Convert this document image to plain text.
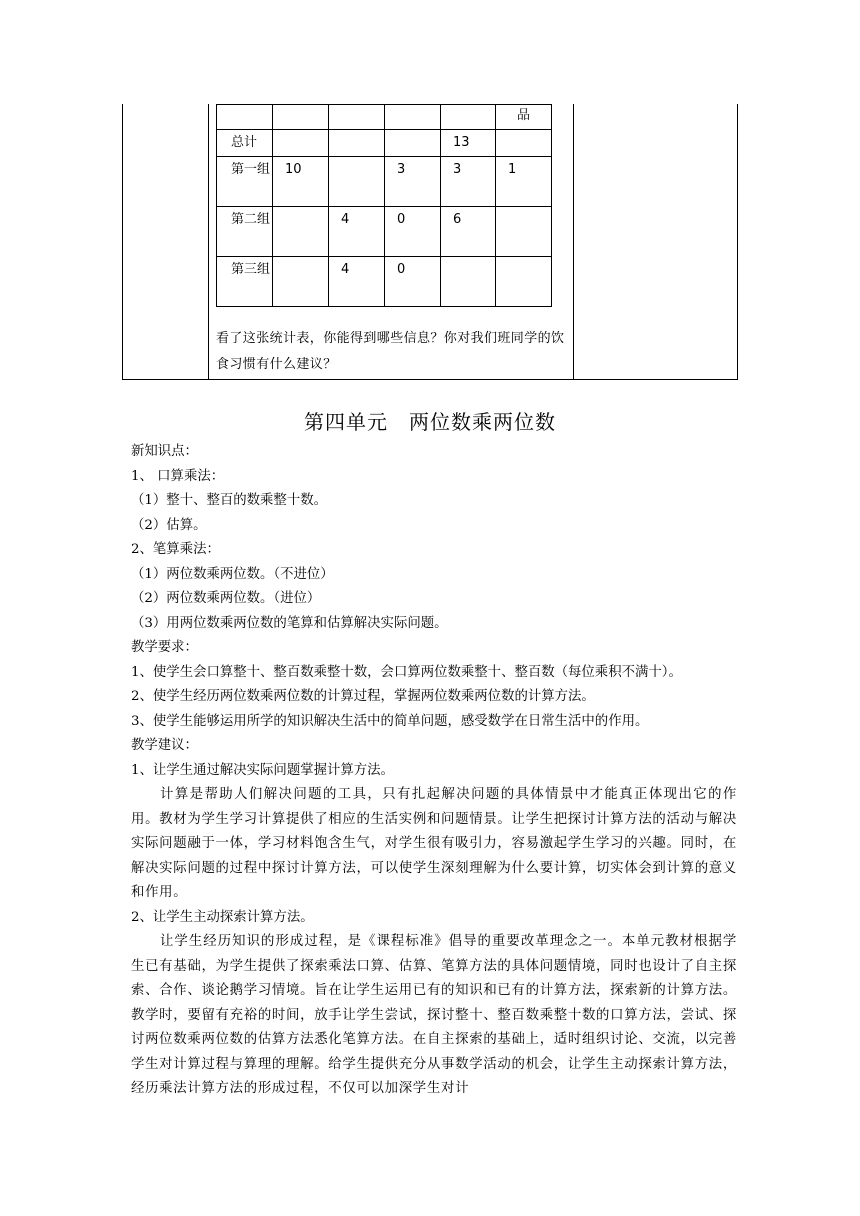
					品

总计				13	
第一组	10		3	3	1
第二组		4	0	6	
第三组		4	0		
看了这张统计表，你能得到哪些信息？你对我们班同学的饮食习惯有什么建议？
第四单元　两位数乘两位数

新知识点：

1、 口算乘法：

（1）整十、整百的数乘整十数。

（2）估算。

2、笔算乘法：

（1）两位数乘两位数。（不进位）

（2）两位数乘两位数。（进位）

（3）用两位数乘两位数的笔算和估算解决实际问题。

教学要求：

1、使学生会口算整十、整百数乘整十数，会口算两位数乘整十、整百数（每位乘积不满十）。

2、使学生经历两位数乘两位数的计算过程，掌握两位数乘两位数的计算方法。

3、使学生能够运用所学的知识解决生活中的简单问题，感受数学在日常生活中的作用。

教学建议：

1、让学生通过解决实际问题掌握计算方法。

计算是帮助人们解决问题的工具，只有扎起解决问题的具体情景中才能真正体现出它的作用。教材为学生学习计算提供了相应的生活实例和问题情景。让学生把探讨计算方法的活动与解决实际问题融于一体，学习材料饱含生气，对学生很有吸引力，容易激起学生学习的兴趣。同时，在解决实际问题的过程中探讨计算方法，可以使学生深刻理解为什么要计算，切实体会到计算的意义和作用。

2、让学生主动探索计算方法。

让学生经历知识的形成过程，是《课程标准》倡导的重要改革理念之一。本单元教材根据学生已有基础，为学生提供了探索乘法口算、估算、笔算方法的具体问题情境，同时也设计了自主探索、合作、谈论鹅学习情境。旨在让学生运用已有的知识和已有的计算方法，探索新的计算方法。教学时，要留有充裕的时间，放手让学生尝试，探讨整十、整百数乘整十数的口算方法，尝试、探讨两位数乘两位数的估算方法悉化笔算方法。在自主探索的基础上，适时组织讨论、交流，以完善学生对计算过程与算理的理解。给学生提供充分从事数学活动的机会，让学生主动探索计算方法，经历乘法计算方法的形成过程，不仅可以加深学生对计
